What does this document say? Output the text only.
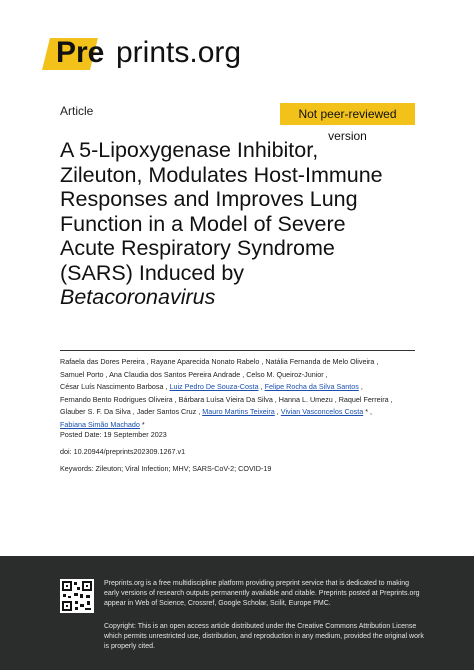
Pre prints.org
Article	Not peer-reviewed version
A 5-Lipoxygenase Inhibitor,
Zileuton, Modulates Host-Immune
Responses and Improves Lung
Function in a Model of Severe
Acute Respiratory Syndrome
(SARS) Induced by
Betacoronavirus
Rafaela das Dores Pereira , Rayane Aparecida Nonato Rabelo , Natália Fernanda de Melo Oliveira ,
Samuel Porto , Ana Claudia dos Santos Pereira Andrade , Celso M. Queiroz-Junior ,
César Luís Nascimento Barbosa , Luiz Pedro De Souza-Costa , Felipe Rocha da Silva Santos ,
Fernando Bento Rodrigues Oliveira , Bárbara Luísa Vieira Da Silva , Hanna L. Umezu , Raquel Ferreira ,
Glauber S. F. Da Silva , Jader Santos Cruz , Mauro Martins Teixeira , Vivian Vasconcelos Costa * ,
Fabiana Simão Machado *
Posted Date: 19 September 2023
doi: 10.20944/preprints202309.1267.v1
Keywords: Zileuton; Viral Infection; MHV; SARS-CoV-2; COVID-19
Preprints.org is a free multidiscipline platform providing preprint service that is dedicated to making early versions of research outputs permanently available and citable. Preprints posted at Preprints.org appear in Web of Science, Crossref, Google Scholar, Scilit, Europe PMC.
Copyright: This is an open access article distributed under the Creative Commons Attribution License which permits unrestricted use, distribution, and reproduction in any medium, provided the original work is properly cited.
